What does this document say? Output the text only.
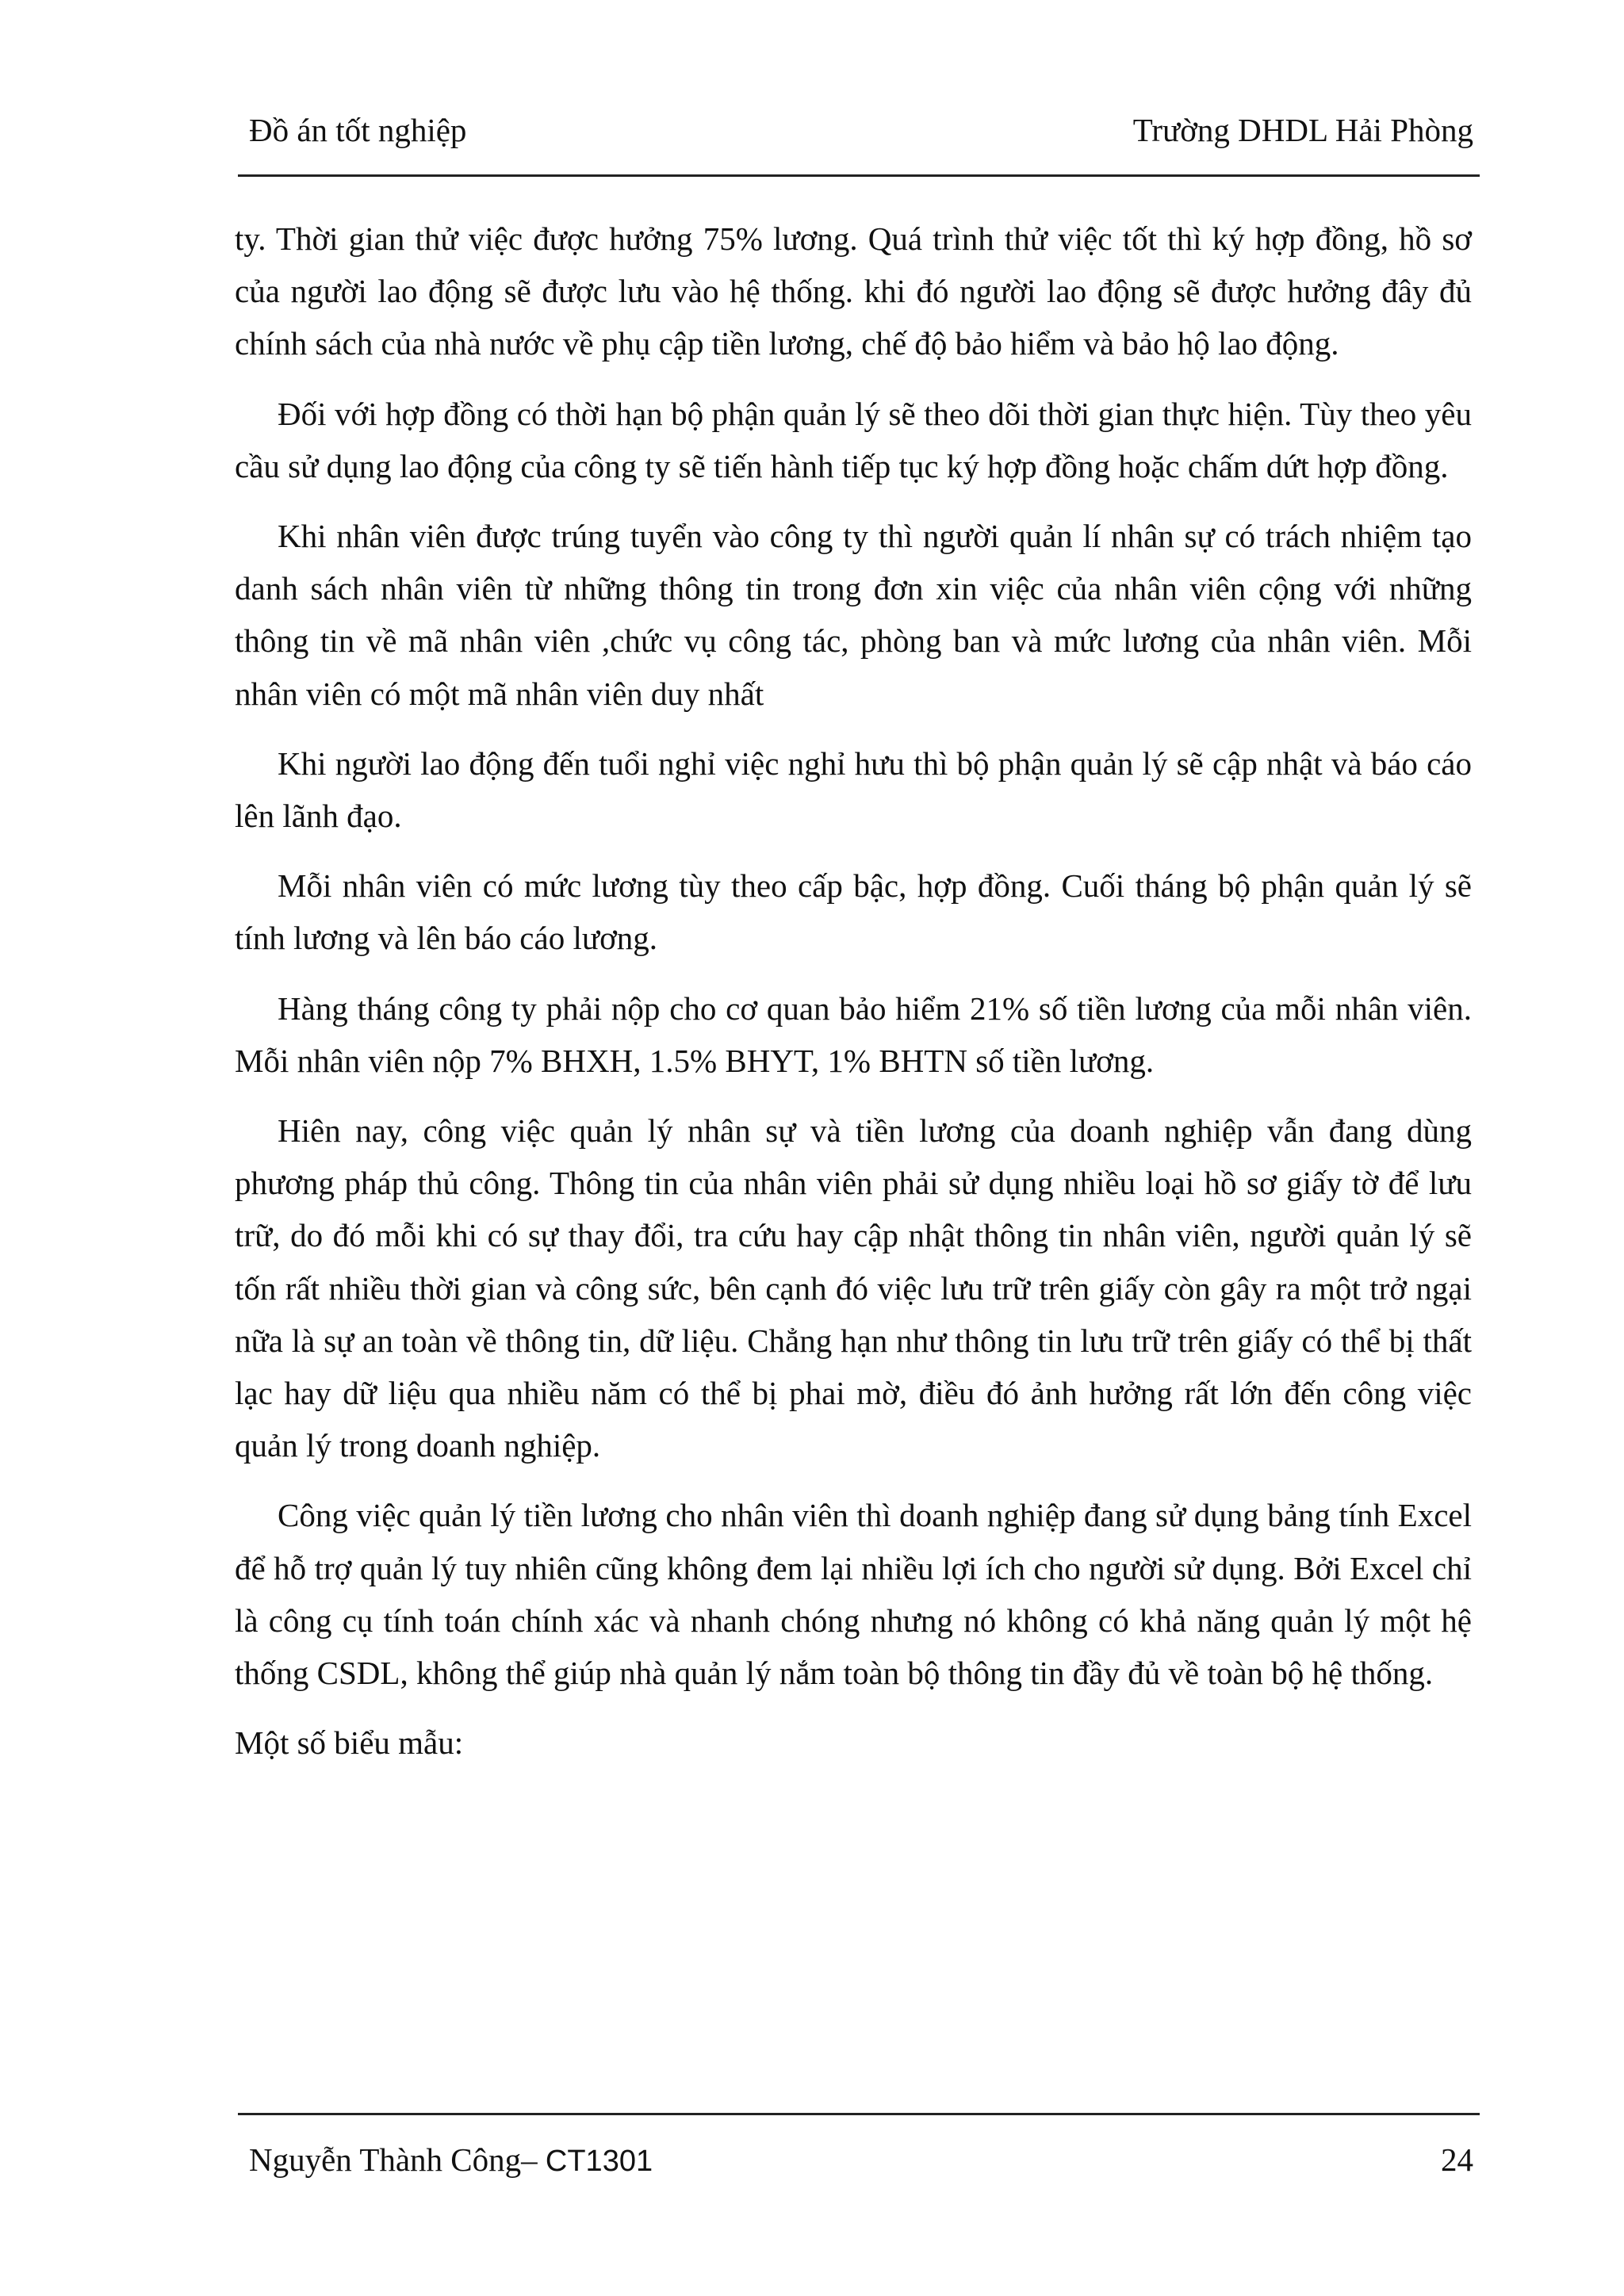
Đồ án tốt nghiệp	Trường DHDL Hải Phòng

ty. Thời gian thử việc được hưởng 75% lương. Quá trình thử việc tốt thì ký hợp đồng, hồ sơ của người lao động sẽ được lưu vào hệ thống. khi đó người lao động sẽ được hưởng đây đủ chính sách của nhà nước về phụ cập tiền lương, chế độ bảo hiểm và bảo hộ lao động.

Đối với hợp đồng có thời hạn bộ phận quản lý sẽ theo dõi thời gian thực hiện. Tùy theo yêu cầu sử dụng lao động của công ty sẽ tiến hành tiếp tục ký hợp đồng hoặc chấm dứt hợp đồng.

Khi nhân viên được trúng tuyển vào công ty thì người quản lí nhân sự có trách nhiệm tạo danh sách nhân viên từ những thông tin trong đơn xin việc của nhân viên cộng với những thông tin về mã nhân viên ,chức vụ công tác, phòng ban và mức lương của nhân viên. Mỗi nhân viên có một mã nhân viên duy nhất

Khi người lao động đến tuổi nghỉ việc nghỉ hưu thì bộ phận quản lý sẽ cập nhật và báo cáo lên lãnh đạo.

Mỗi nhân viên có mức lương tùy theo cấp bậc, hợp đồng. Cuối tháng bộ phận quản lý sẽ tính lương và lên báo cáo lương.

Hàng tháng công ty phải nộp cho cơ quan bảo hiểm 21% số tiền lương của mỗi nhân viên. Mỗi nhân viên nộp 7% BHXH, 1.5% BHYT, 1% BHTN số tiền lương.

Hiên nay, công việc quản lý nhân sự và tiền lương của doanh nghiệp vẫn đang dùng phương pháp thủ công. Thông tin của nhân viên phải sử dụng nhiều loại hồ sơ giấy tờ để lưu trữ, do đó mỗi khi có sự thay đổi, tra cứu hay cập nhật thông tin nhân viên, người quản lý sẽ tốn rất nhiều thời gian và công sức, bên cạnh đó việc lưu trữ trên giấy còn gây ra một trở ngại nữa là sự an toàn về thông tin, dữ liệu. Chẳng hạn như thông tin lưu trữ trên giấy có thể bị thất lạc hay dữ liệu qua nhiều năm có thể bị phai mờ, điều đó ảnh hưởng rất lớn đến công việc quản lý trong doanh nghiệp.

Công việc quản lý tiền lương cho nhân viên thì doanh nghiệp đang sử dụng bảng tính Excel để hỗ trợ quản lý tuy nhiên cũng không đem lại nhiều lợi ích cho người sử dụng. Bởi Excel chỉ là công cụ tính toán chính xác và nhanh chóng nhưng nó không có khả năng quản lý một hệ thống CSDL, không thể giúp nhà quản lý nắm toàn bộ thông tin đầy đủ về toàn bộ hệ thống.

Một số biểu mẫu:

Nguyễn Thành Công– CT1301	24
